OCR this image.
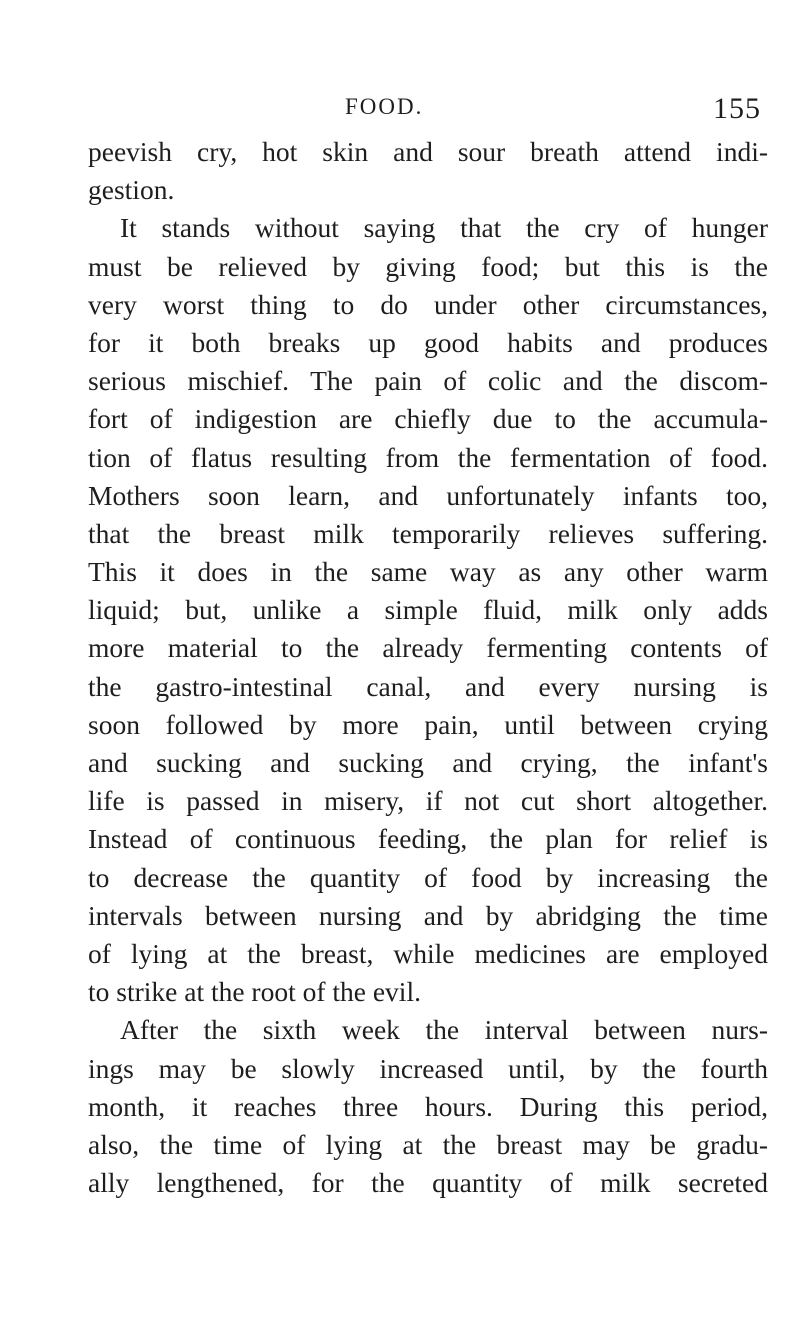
FOOD.	155
peevish cry, hot skin and sour breath attend indi-
gestion.
It stands without saying that the cry of hunger
must be relieved by giving food; but this is the
very worst thing to do under other circumstances,
for it both breaks up good habits and produces
serious mischief. The pain of colic and the discom-
fort of indigestion are chiefly due to the accumula-
tion of flatus resulting from the fermentation of food.
Mothers soon learn, and unfortunately infants too,
that the breast milk temporarily relieves suffering.
This it does in the same way as any other warm
liquid; but, unlike a simple fluid, milk only adds
more material to the already fermenting contents of
the gastro-intestinal canal, and every nursing is
soon followed by more pain, until between crying
and sucking and sucking and crying, the infant's
life is passed in misery, if not cut short altogether.
Instead of continuous feeding, the plan for relief is
to decrease the quantity of food by increasing the
intervals between nursing and by abridging the time
of lying at the breast, while medicines are employed
to strike at the root of the evil.
After the sixth week the interval between nurs-
ings may be slowly increased until, by the fourth
month, it reaches three hours. During this period,
also, the time of lying at the breast may be gradu-
ally lengthened, for the quantity of milk secreted
